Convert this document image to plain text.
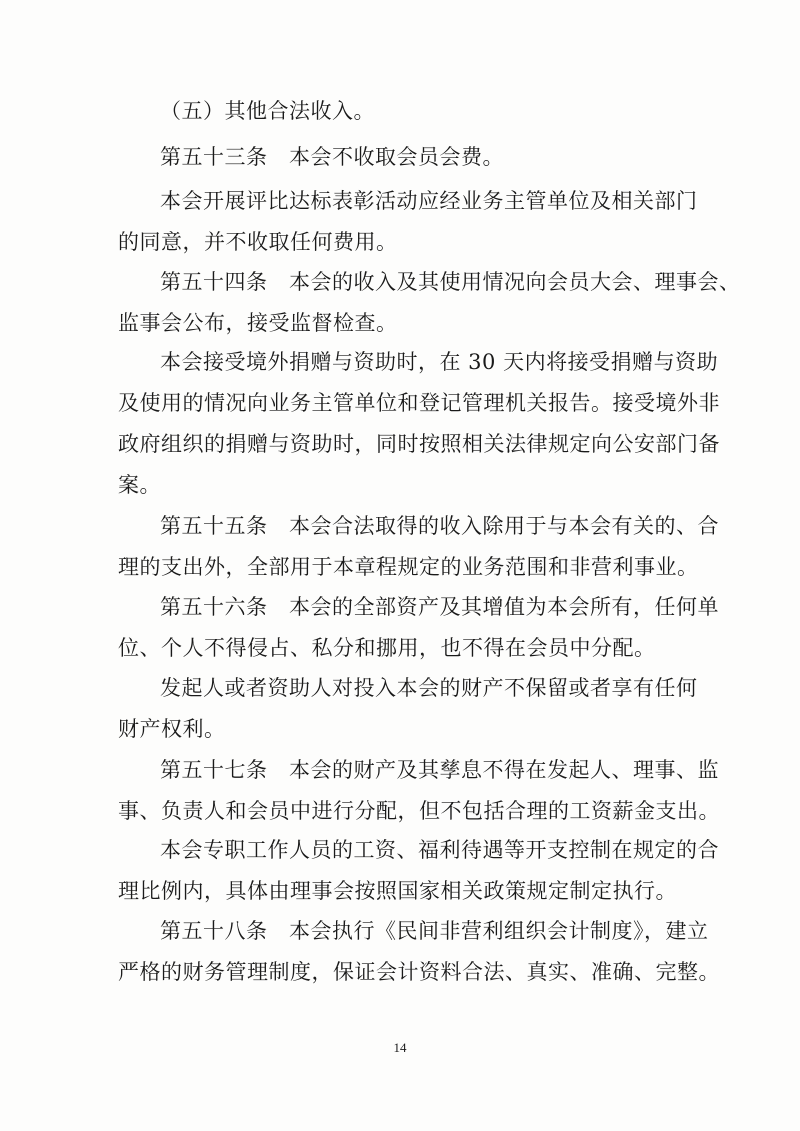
（五）其他合法收入。

第五十三条　本会不收取会员会费。

本会开展评比达标表彰活动应经业务主管单位及相关部门
的同意，并不收取任何费用。

第五十四条　本会的收入及其使用情况向会员大会、理事会、
监事会公布，接受监督检查。

本会接受境外捐赠与资助时，在 30 天内将接受捐赠与资助
及使用的情况向业务主管单位和登记管理机关报告。接受境外非
政府组织的捐赠与资助时，同时按照相关法律规定向公安部门备
案。

第五十五条　本会合法取得的收入除用于与本会有关的、合
理的支出外，全部用于本章程规定的业务范围和非营利事业。

第五十六条　本会的全部资产及其增值为本会所有，任何单
位、个人不得侵占、私分和挪用，也不得在会员中分配。

发起人或者资助人对投入本会的财产不保留或者享有任何
财产权利。

第五十七条　本会的财产及其孳息不得在发起人、理事、监
事、负责人和会员中进行分配，但不包括合理的工资薪金支出。

本会专职工作人员的工资、福利待遇等开支控制在规定的合
理比例内，具体由理事会按照国家相关政策规定制定执行。

第五十八条　本会执行《民间非营利组织会计制度》，建立
严格的财务管理制度，保证会计资料合法、真实、准确、完整。

14
